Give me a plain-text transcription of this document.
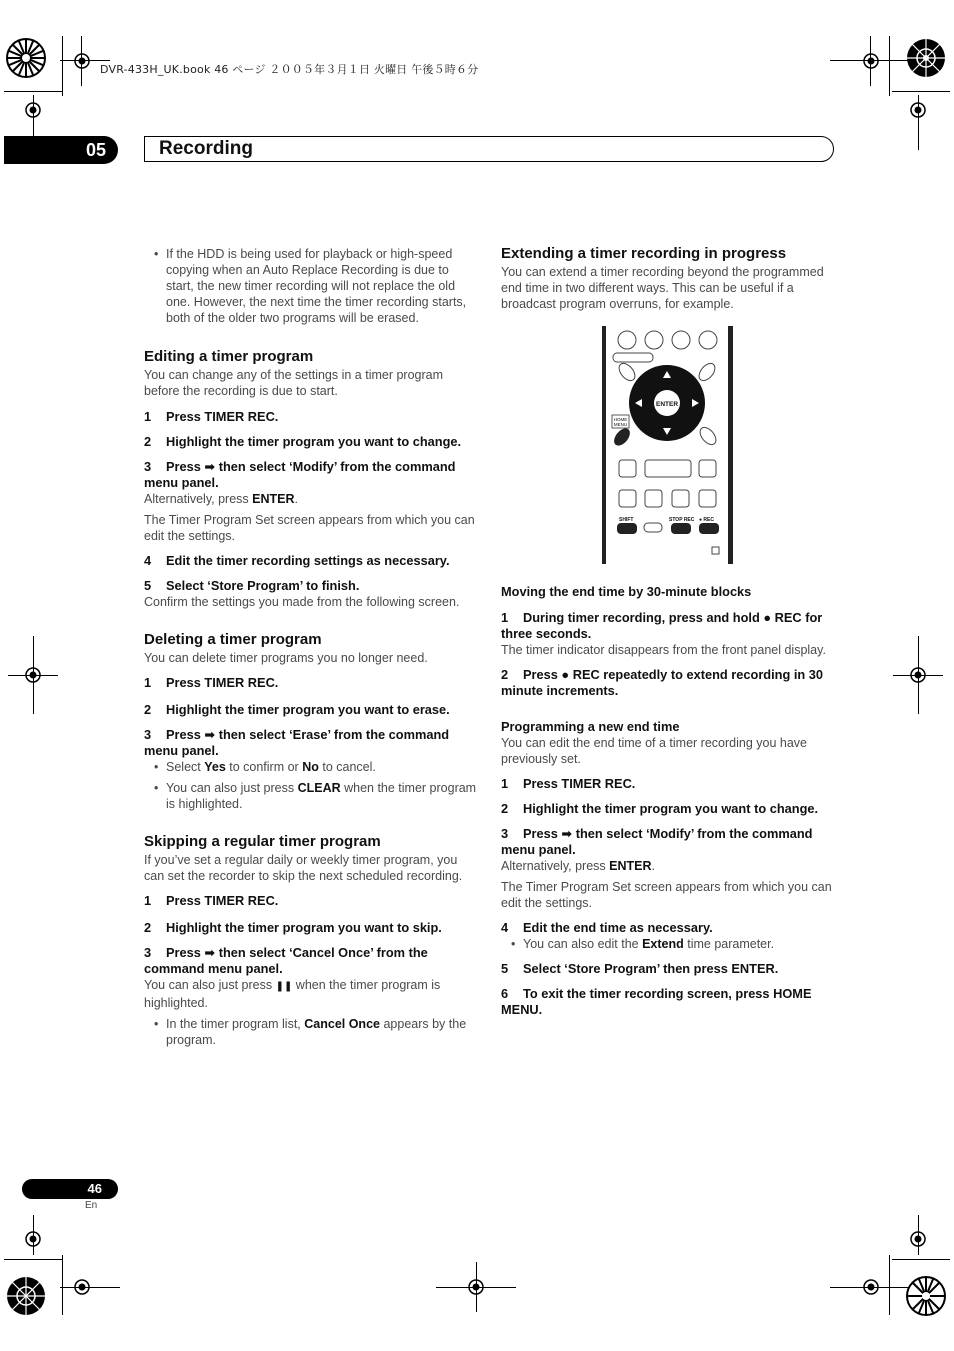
DVR-433H_UK.book 46 ページ ２００５年３月１日 火曜日 午後５時６分
05	Recording

• If the HDD is being used for playback or high-speed copying when an Auto Replace Recording is due to start, the new timer recording will not replace the old one. However, the next time the timer recording starts, both of the older two programs will be erased.

Editing a timer program

You can change any of the settings in a timer program before the recording is due to start.

1 Press TIMER REC.

2 Highlight the timer program you want to change.

3 Press ➡ then select ‘Modify’ from the command menu panel.

Alternatively, press ENTER.

The Timer Program Set screen appears from which you can edit the settings.

4 Edit the timer recording settings as necessary.

5 Select ‘Store Program’ to finish.

Confirm the settings you made from the following screen.

Deleting a timer program

You can delete timer programs you no longer need.

1 Press TIMER REC.

2 Highlight the timer program you want to erase.

3 Press ➡ then select ‘Erase’ from the command menu panel.

• Select Yes to confirm or No to cancel.

• You can also just press CLEAR when the timer program is highlighted.

Skipping a regular timer program

If you’ve set a regular daily or weekly timer program, you can set the recorder to skip the next scheduled recording.

1 Press TIMER REC.

2 Highlight the timer program you want to skip.

3 Press ➡ then select ‘Cancel Once’ from the command menu panel.

You can also just press ❚❚ when the timer program is highlighted.

• In the timer program list, Cancel Once appears by the program.

Extending a timer recording in progress

You can extend a timer recording beyond the programmed end time in two different ways. This can be useful if a broadcast program overruns, for example.

ENTER
HOME
MENU
SHIFT	STOP REC ● REC

Moving the end time by 30-minute blocks

1 During timer recording, press and hold ● REC for three seconds.

The timer indicator disappears from the front panel display.

2 Press ● REC repeatedly to extend recording in 30 minute increments.

Programming a new end time

You can edit the end time of a timer recording you have previously set.

1 Press TIMER REC.

2 Highlight the timer program you want to change.

3 Press ➡ then select ‘Modify’ from the command menu panel.

Alternatively, press ENTER.

The Timer Program Set screen appears from which you can edit the settings.

4 Edit the end time as necessary.

• You can also edit the Extend time parameter.

5 Select ‘Store Program’ then press ENTER.

6 To exit the timer recording screen, press HOME MENU.

46
En
